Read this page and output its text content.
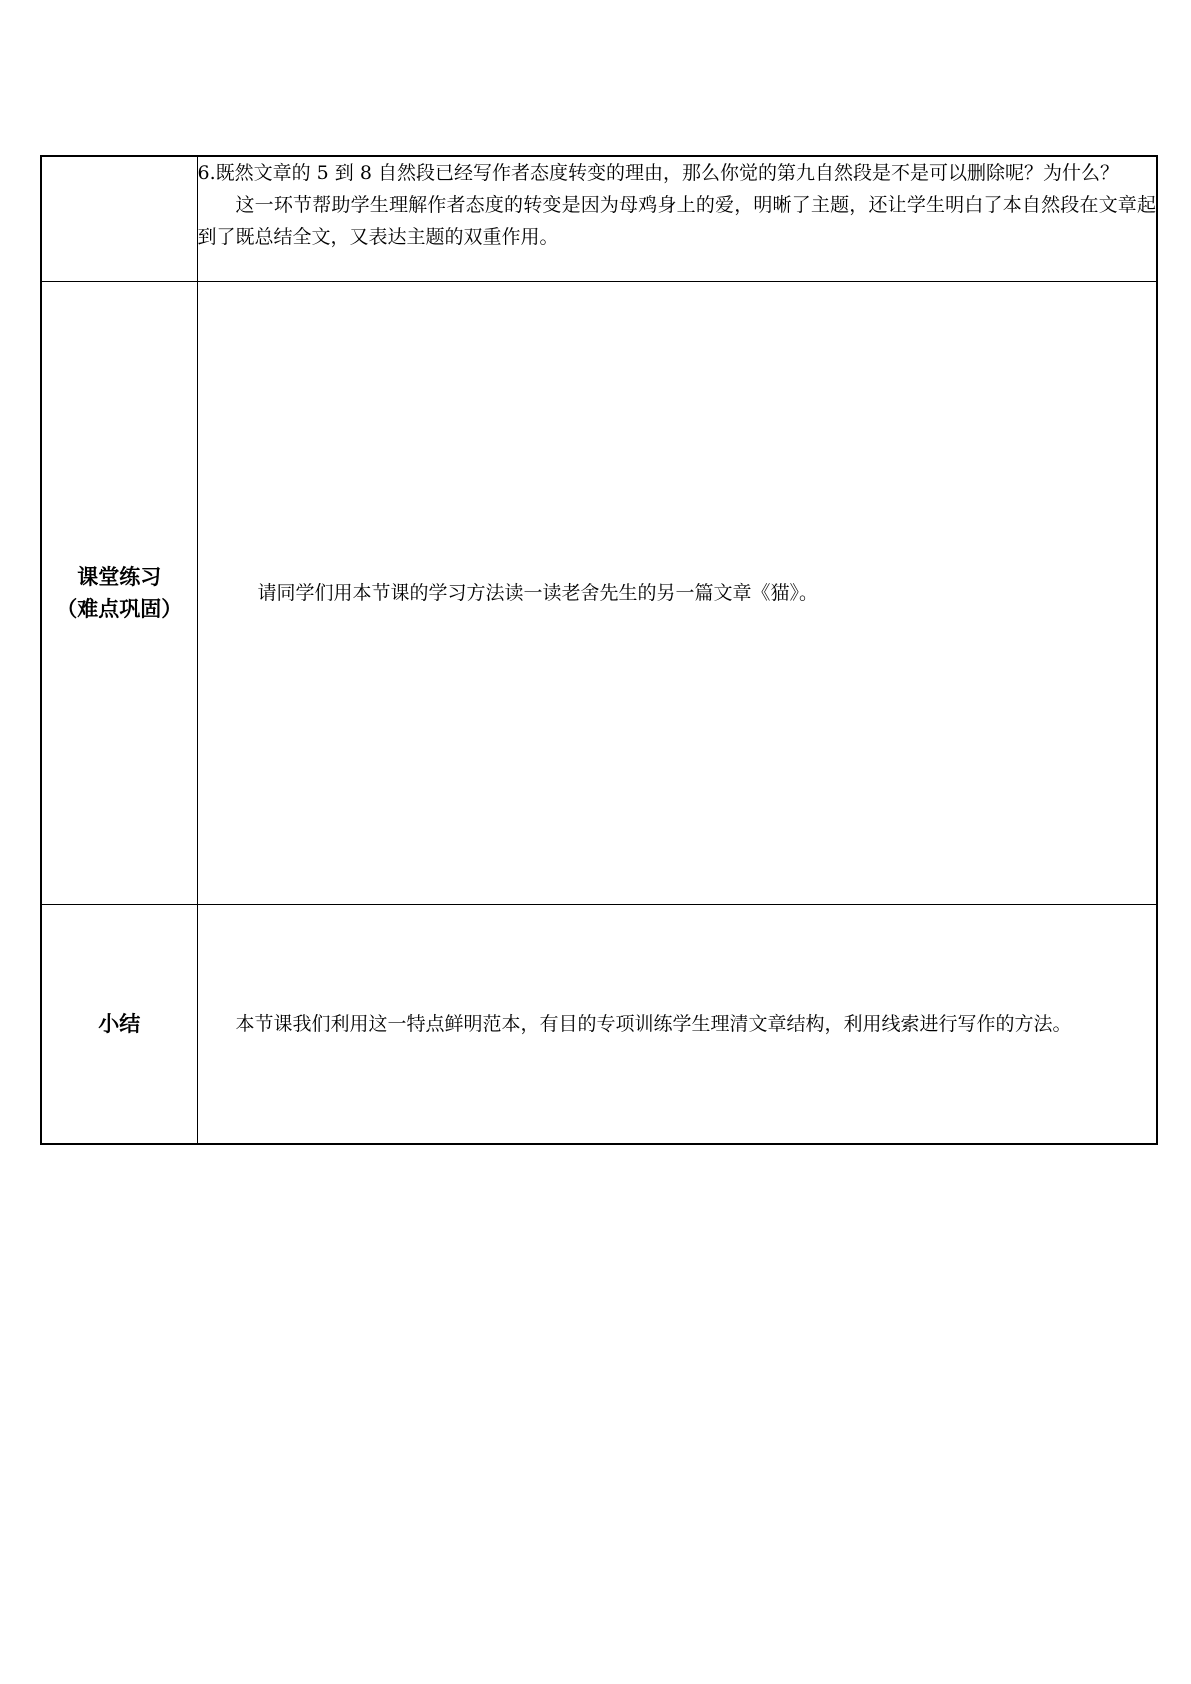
	6.既然文章的 5 到 8 自然段已经写作者态度转变的理由，那么你觉的第九自然段是不是可以删除呢？为什么？

这一环节帮助学生理解作者态度的转变是因为母鸡身上的爱，明晰了主题，还让学生明白了本自然段在文章起到了既总结全文，又表达主题的双重作用。

课堂练习
（难点巩固）	请同学们用本节课的学习方法读一读老舍先生的另一篇文章《猫》。

小结	本节课我们利用这一特点鲜明范本，有目的专项训练学生理清文章结构，利用线索进行写作的方法。
